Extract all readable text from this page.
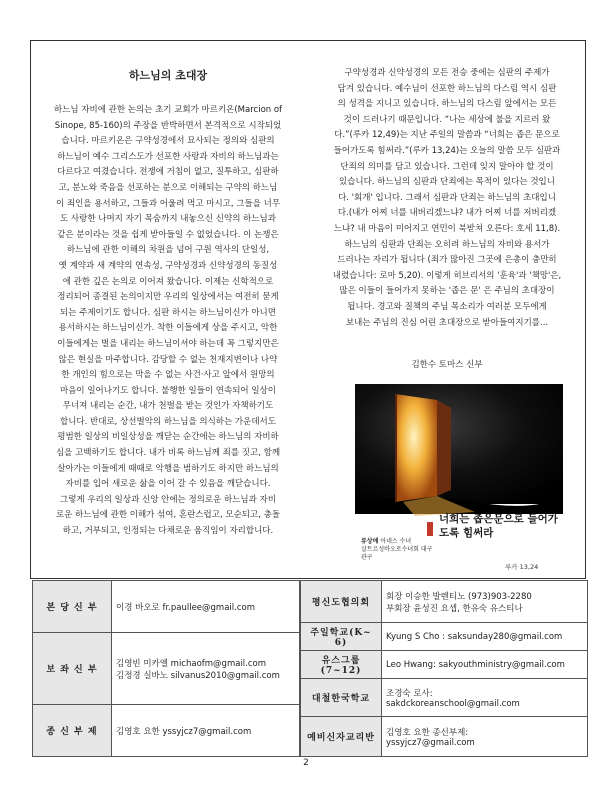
하느님의 초대장

하느님 자비에 관한 논의는 초기 교회가 마르키온(Marcion of

Sinope, 85-160)의 주장을 반박하면서 본격적으로 시작되었

습니다. 마르키온은 구약성경에서 묘사되는 정의와 심판의

하느님이 예수 그리스도가 선포한 사랑과 자비의 하느님과는

다르다고 여겼습니다. 전쟁에 거침이 없고, 질투하고, 심판하

고, 분노와 죽음을 선포하는 분으로 이해되는 구약의 하느님

이 죄인을 용서하고, 그들과 어울려 먹고 마시고, 그들을 너무

도 사랑한 나머지 자기 목숨까지 내놓으신 신약의 하느님과

같은 분이라는 것을 쉽게 받아들일 수 없었습니다. 이 논쟁은

하느님에 관한 이해의 차원을 넘어 구원 역사의 단일성,

옛 계약과 새 계약의 연속성, 구약성경과 신약성경의 동질성

에 관한 깊은 논의로 이어져 왔습니다. 이제는 신학적으로

정리되어 종결된 논의이지만 우리의 일상에서는 여전히 묻게

되는 주제이기도 합니다. 심판 하시는 하느님이신가 아니면

용서하시는 하느님이신가. 착한 이들에게 상을 주시고, 악한

이들에게는 벌을 내리는 하느님이셔야 하는데 꼭 그렇지만은

않은 현실을 마주합니다. 감당할 수 없는 천재지변이나 나약

한 개인의 힘으로는 막을 수 없는 사건·사고 앞에서 원망의

마음이 일어나기도 합니다. 불행한 일들이 연속되어 일상이

무너져 내리는 순간, 내가 천벌을 받는 것인가 자책하기도

합니다. 반대로, 상선벌악의 하느님을 의식하는 가운데서도

평범한 일상의 비일상성을 깨닫는 순간에는 하느님의 자비하

심을 고백하기도 합니다. 내가 비록 하느님께 죄를 짓고, 함께

살아가는 이들에게 때때로 악행을 범하기도 하지만 하느님의

자비를 입어 새로운 삶을 이어 갈 수 있음을 깨닫습니다.

그렇게 우리의 일상과 신앙 안에는 정의로운 하느님과 자비

로운 하느님에 관한 이해가 섞여, 혼란스럽고, 모순되고, 충돌

하고, 거부되고, 인정되는 다채로운 움직임이 자리합니다.

구약성경과 신약성경의 모든 전승 중에는 심판의 주제가

담겨 있습니다. 예수님이 선포한 하느님의 다스림 역시 심판

의 성격을 지니고 있습니다. 하느님의 다스림 앞에서는 모든

것이 드러나기 때문입니다. “나는 세상에 불을 지르러 왔

다.”(루카 12,49)는 지난 주일의 말씀과 “너희는 좁은 문으로

들어가도록 힘써라.”(루카 13,24)는 오늘의 말씀 모두 심판과

단죄의 의미를 담고 있습니다. 그런데 잊지 말아야 할 것이

있습니다. 하느님의 심판과 단죄에는 목적이 있다는 것입니

다. '회개' 입니다. 그래서 심판과 단죄는 하느님의 초대입니

다.(내가 어찌 너를 내버리겠느냐? 내가 어찌 너를 저버리겠

느냐? 내 마음이 미어지고 연민이 북받쳐 오른다: 호세 11,8).

하느님의 심판과 단죄는 오히려 하느님의 자비와 용서가

드러나는 자리가 됩니다 (죄가 많아진 그곳에 은총이 충만히

내렸습니다: 로마 5,20). 이렇게 히브리서의 '훈육'과 '책망'은,

많은 이들이 들어가지 못하는 '좁은 문' 은 주님의 초대장이

됩니다. 경고와 질책의 주님 목소리가 여러분 모두에게

보내는 주님의 진심 어린 초대장으로 받아들여지기를...

김한수 토마스 신부
너희는 좁은문으로 들어가도록 힘써라
루카 13,24
류상애 아네스 수녀
살트르성바오로수녀회 대구관구
본 당 신 부	이경 바오로 fr.paullee@gmail.com

보 좌 신 부	김영빈 미카엘 michaofm@gmail.com
김정경 실바노 silvanus2010@gmail.com

종 신 부 제	김영호 요한 yssyjcz7@gmail.com
평신도협의회	회장 이승한 발렌티노 (973)903-2280
부회장 윤성진 요셉, 한유숙 유스티나

주일학교(K~ 6)	Kyung S Cho : saksunday280@gmail.com

유스그룹(7~12)	Leo Hwang: sakyouthministry@gmail.com

대철한국학교	조경숙 로사:
sakdckoreanschool@gmail.com

예비신자교리반	김영호 요한 종신부제:
yssyjcz7@gmail.com
2
